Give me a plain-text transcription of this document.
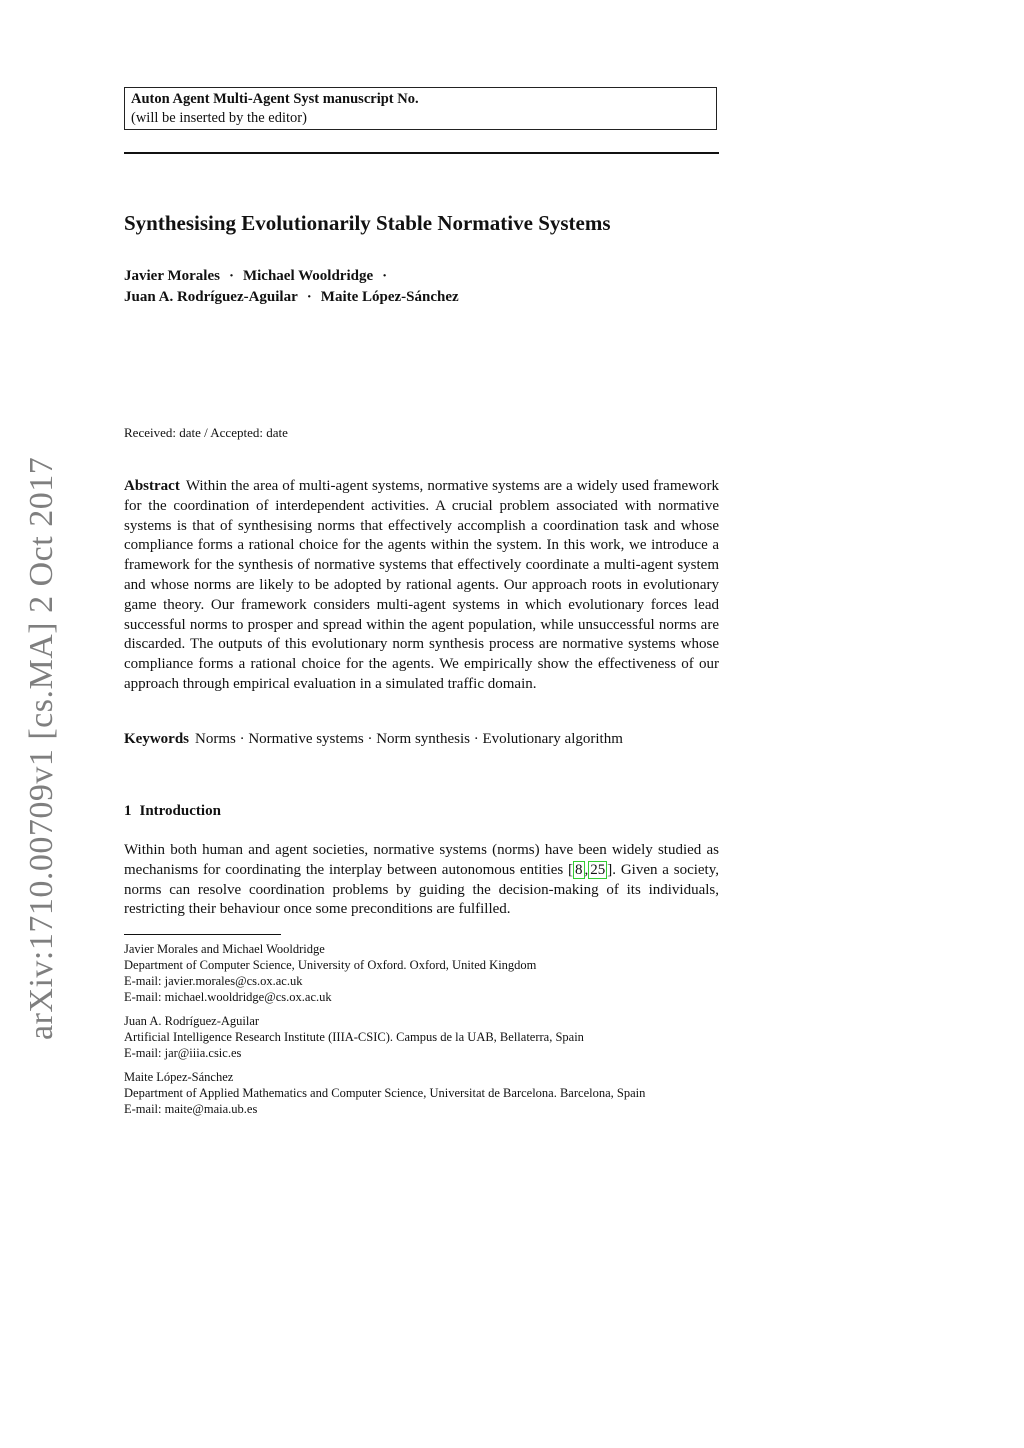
arXiv:1710.00709v1 [cs.MA] 2 Oct 2017
Auton Agent Multi-Agent Syst manuscript No.
(will be inserted by the editor)
Synthesising Evolutionarily Stable Normative Systems
Javier Morales · Michael Wooldridge ·
Juan A. Rodríguez-Aguilar · Maite López-Sánchez
Received: date / Accepted: date
Abstract Within the area of multi-agent systems, normative systems are a widely used framework for the coordination of interdependent activities. A crucial problem associated with normative systems is that of synthesising norms that effectively accomplish a coordination task and whose compliance forms a rational choice for the agents within the system. In this work, we introduce a framework for the synthesis of normative systems that effectively coordinate a multi-agent system and whose norms are likely to be adopted by rational agents. Our approach roots in evolutionary game theory. Our framework considers multi-agent systems in which evolutionary forces lead successful norms to prosper and spread within the agent population, while unsuccessful norms are discarded. The outputs of this evolutionary norm synthesis process are normative systems whose compliance forms a rational choice for the agents. We empirically show the effectiveness of our approach through empirical evaluation in a simulated traffic domain.
Keywords Norms · Normative systems · Norm synthesis · Evolutionary algorithm
1 Introduction
Within both human and agent societies, normative systems (norms) have been widely studied as mechanisms for coordinating the interplay between autonomous entities [ 8 , 25 ]. Given a society, norms can resolve coordination problems by guiding the decision-making of its individuals, restricting their behaviour once some preconditions are fulfilled.
Javier Morales and Michael Wooldridge
Department of Computer Science, University of Oxford. Oxford, United Kingdom
E-mail: javier.morales@cs.ox.ac.uk
E-mail: michael.wooldridge@cs.ox.ac.uk
Juan A. Rodríguez-Aguilar
Artificial Intelligence Research Institute (IIIA-CSIC). Campus de la UAB, Bellaterra, Spain
E-mail: jar@iiia.csic.es
Maite López-Sánchez
Department of Applied Mathematics and Computer Science, Universitat de Barcelona. Barcelona, Spain
E-mail: maite@maia.ub.es
